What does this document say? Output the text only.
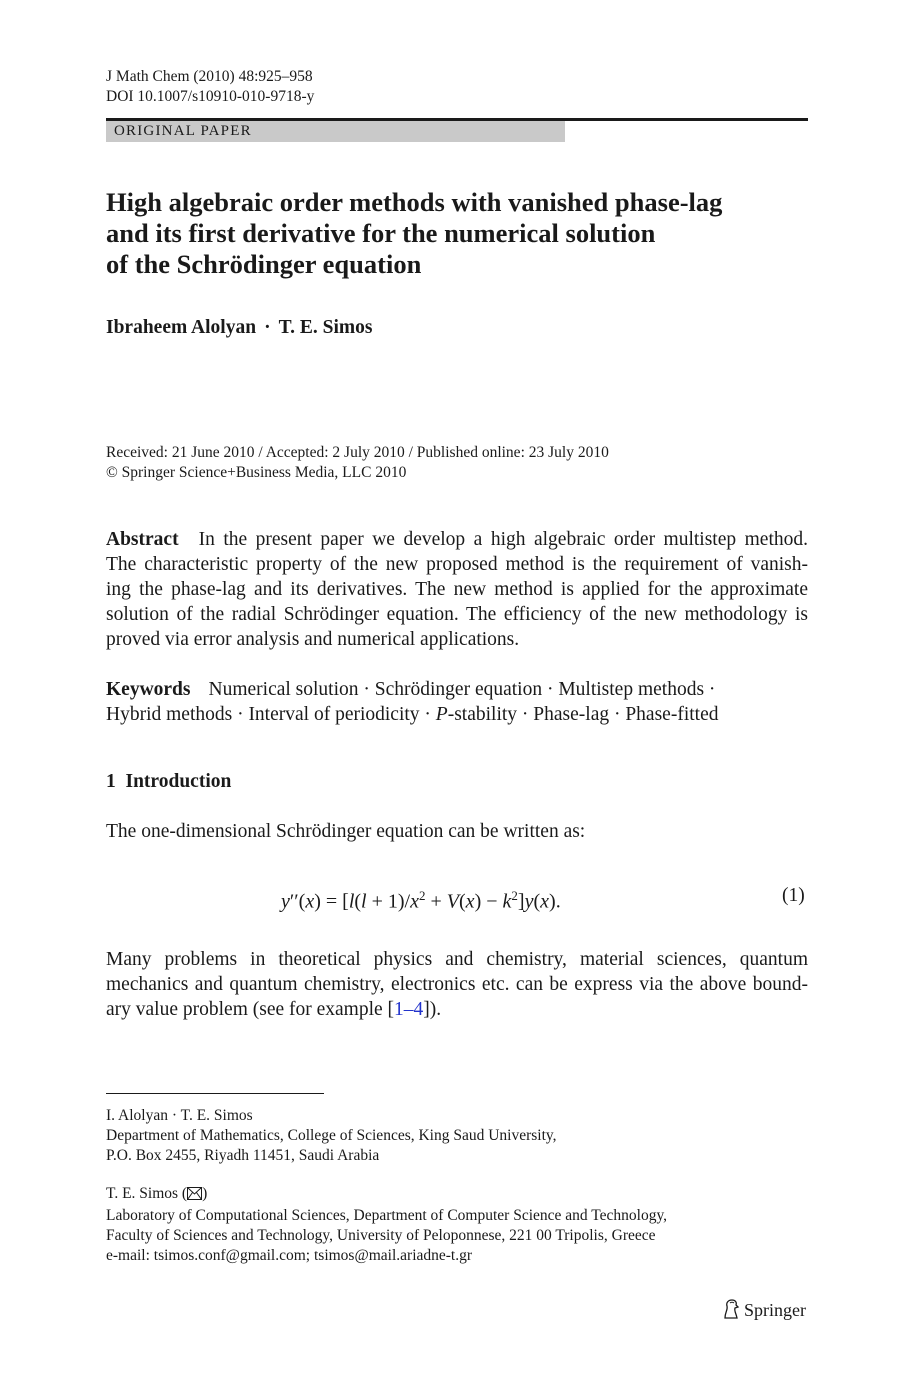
J Math Chem (2010) 48:925–958
DOI 10.1007/s10910-010-9718-y
ORIGINAL PAPER
High algebraic order methods with vanished phase-lag
and its first derivative for the numerical solution
of the Schrödinger equation
Ibraheem Alolyan · T. E. Simos
Received: 21 June 2010 / Accepted: 2 July 2010 / Published online: 23 July 2010
© Springer Science+Business Media, LLC 2010
Abstract In the present paper we develop a high algebraic order multistep method.
The characteristic property of the new proposed method is the requirement of vanish-
ing the phase-lag and its derivatives. The new method is applied for the approximate
solution of the radial Schrödinger equation. The efficiency of the new methodology is
proved via error analysis and numerical applications.
Keywords Numerical solution · Schrödinger equation · Multistep methods ·
Hybrid methods · Interval of periodicity · P-stability · Phase-lag · Phase-fitted
1 Introduction
The one-dimensional Schrödinger equation can be written as:
$y''(x) = [l(l + 1)/x^2 + V(x) - k^2]y(x)$.	(1)
Many problems in theoretical physics and chemistry, material sciences, quantum
mechanics and quantum chemistry, electronics etc. can be express via the above bound-
ary value problem (see for example [1–4]).
I. Alolyan · T. E. Simos
Department of Mathematics, College of Sciences, King Saud University,
P.O. Box 2455, Riyadh 11451, Saudi Arabia
T. E. Simos ( )
Laboratory of Computational Sciences, Department of Computer Science and Technology,
Faculty of Sciences and Technology, University of Peloponnese, 221 00 Tripolis, Greece
e-mail: tsimos.conf@gmail.com; tsimos@mail.ariadne-t.gr
Springer
